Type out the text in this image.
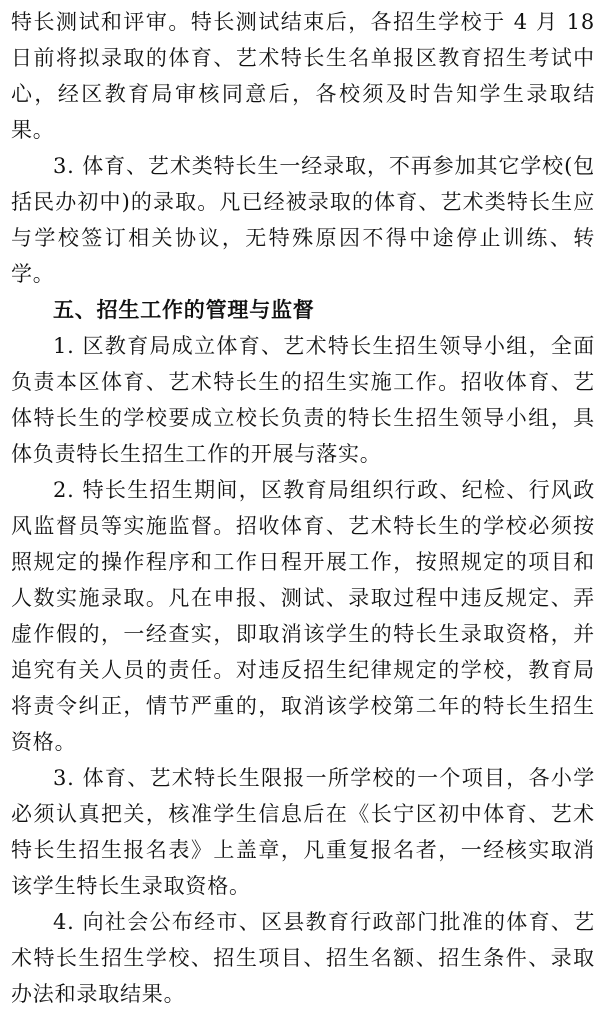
特长测试和评审。特长测试结束后，各招生学校于 4 月 18 日前将拟录取的体育、艺术特长生名单报区教育招生考试中心，经区教育局审核同意后，各校须及时告知学生录取结果。

3. 体育、艺术类特长生一经录取，不再参加其它学校(包括民办初中)的录取。凡已经被录取的体育、艺术类特长生应与学校签订相关协议，无特殊原因不得中途停止训练、转学。

五、招生工作的管理与监督

1. 区教育局成立体育、艺术特长生招生领导小组，全面负责本区体育、艺术特长生的招生实施工作。招收体育、艺体特长生的学校要成立校长负责的特长生招生领导小组，具体负责特长生招生工作的开展与落实。

2. 特长生招生期间，区教育局组织行政、纪检、行风政风监督员等实施监督。招收体育、艺术特长生的学校必须按照规定的操作程序和工作日程开展工作，按照规定的项目和人数实施录取。凡在申报、测试、录取过程中违反规定、弄虚作假的，一经查实，即取消该学生的特长生录取资格，并追究有关人员的责任。对违反招生纪律规定的学校，教育局将责令纠正，情节严重的，取消该学校第二年的特长生招生资格。

3. 体育、艺术特长生限报一所学校的一个项目，各小学必须认真把关，核准学生信息后在《长宁区初中体育、艺术特长生招生报名表》上盖章，凡重复报名者，一经核实取消该学生特长生录取资格。

4. 向社会公布经市、区县教育行政部门批准的体育、艺术特长生招生学校、招生项目、招生名额、招生条件、录取办法和录取结果。
